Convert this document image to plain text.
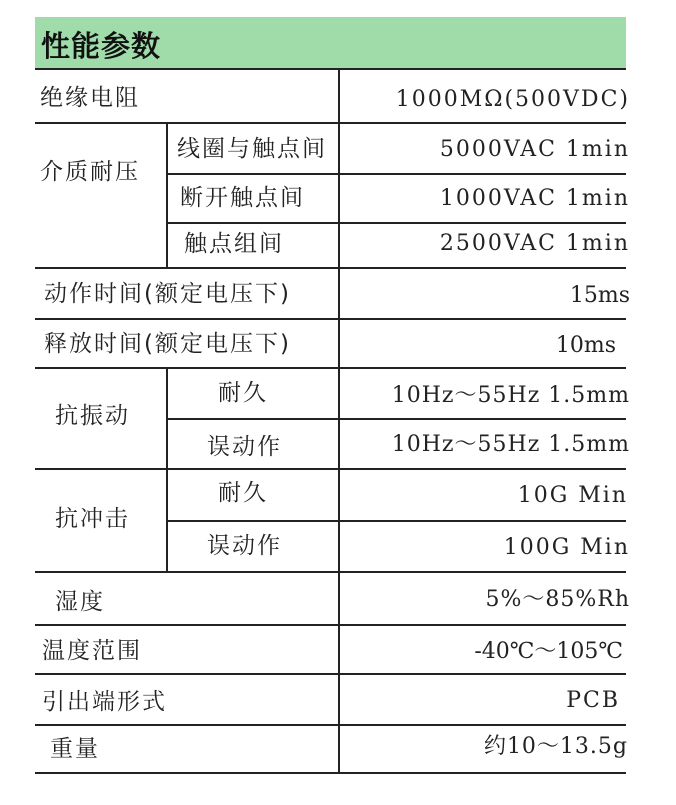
性能参数
绝缘电阻	1000MΩ(500VDC)
介质耐压
线圈与触点间	5000VAC 1min
断开触点间	1000VAC 1min
触点组间	2500VAC 1min
动作时间(额定电压下)	15ms
释放时间(额定电压下)	10ms
抗振动
耐久	10Hz～55Hz 1.5mm
误动作	10Hz～55Hz 1.5mm
抗冲击
耐久	10G Min
误动作	100G Min
湿度	5%～85%Rh
温度范围	-40℃～105℃
引出端形式	PCB
重量	约10～13.5g
